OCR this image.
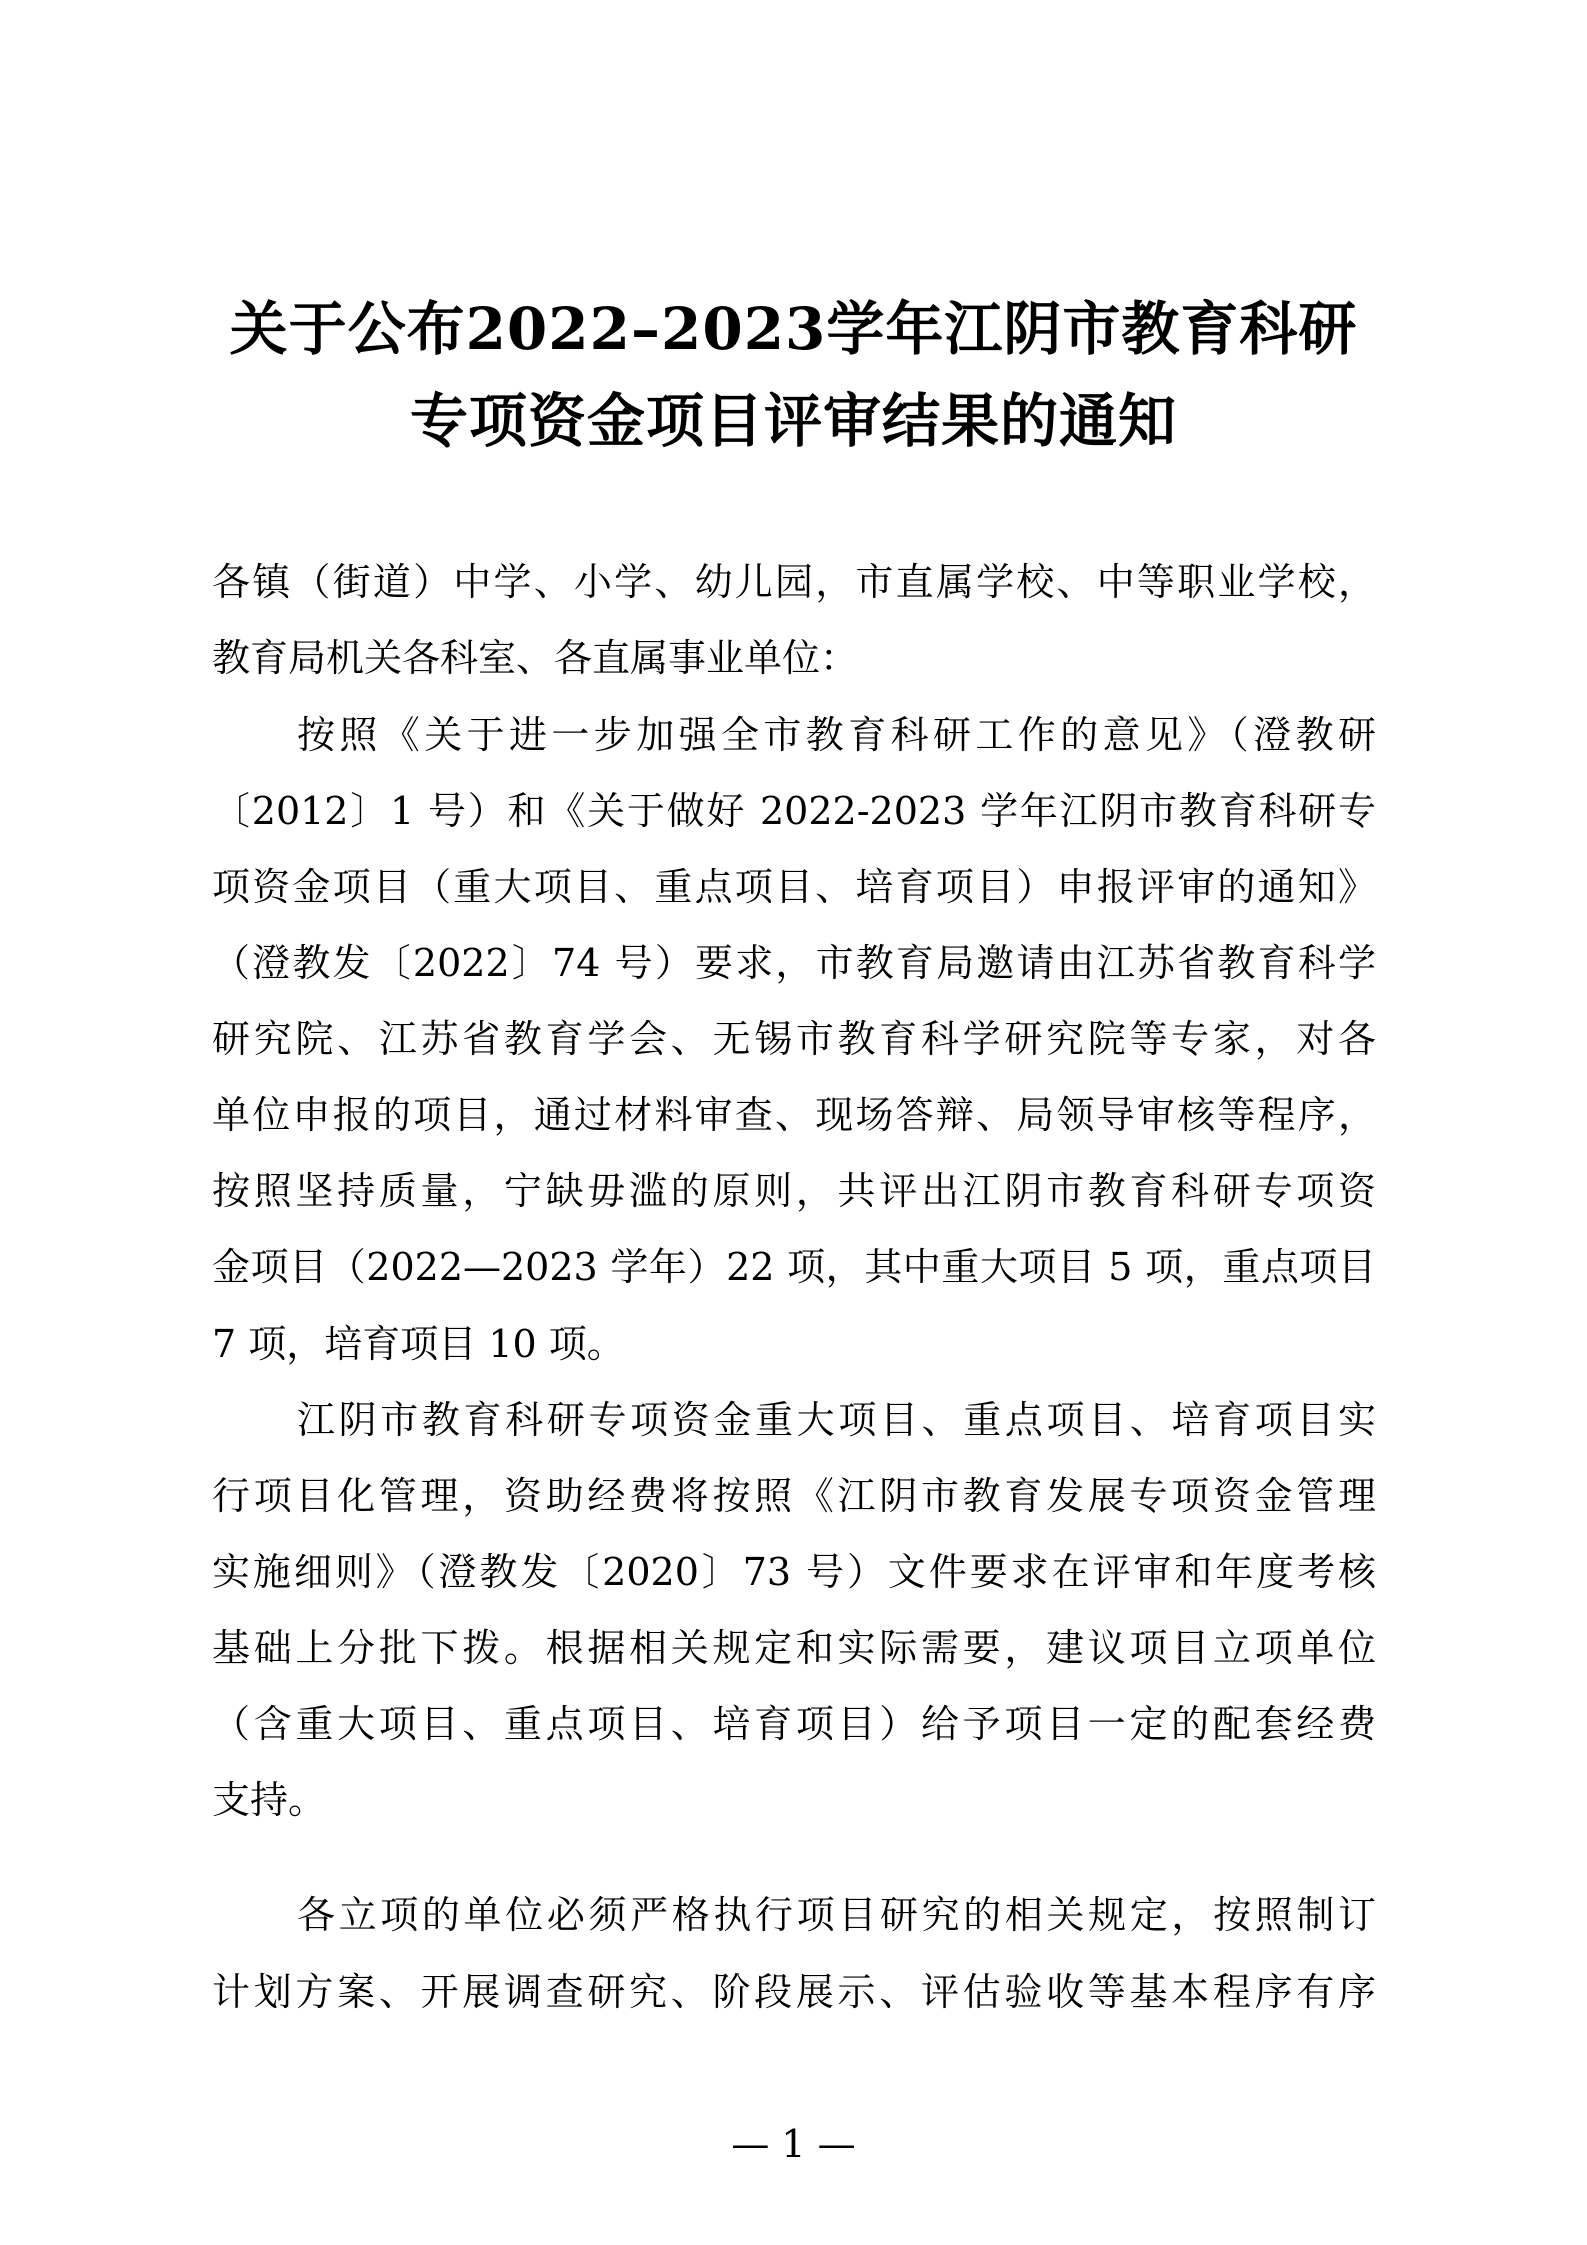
关于公布2022–2023学年江阴市教育科研
专项资金项目评审结果的通知
各镇（街道）中学、小学、幼儿园，市直属学校、中等职业学校，
教育局机关各科室、各直属事业单位：
按照《关于进一步加强全市教育科研工作的意见》（澄教研
〔2012〕1 号）和《关于做好 2022-2023 学年江阴市教育科研专
项资金项目（重大项目、重点项目、培育项目）申报评审的通知》
（澄教发〔2022〕74 号）要求，市教育局邀请由江苏省教育科学
研究院、江苏省教育学会、无锡市教育科学研究院等专家，对各
单位申报的项目，通过材料审查、现场答辩、局领导审核等程序，
按照坚持质量，宁缺毋滥的原则，共评出江阴市教育科研专项资
金项目（2022—2023 学年）22 项，其中重大项目 5 项，重点项目
7 项，培育项目 10 项。
江阴市教育科研专项资金重大项目、重点项目、培育项目实
行项目化管理，资助经费将按照《江阴市教育发展专项资金管理
实施细则》（澄教发〔2020〕73 号）文件要求在评审和年度考核
基础上分批下拨。根据相关规定和实际需要，建议项目立项单位
（含重大项目、重点项目、培育项目）给予项目一定的配套经费
支持。
各立项的单位必须严格执行项目研究的相关规定，按照制订
计划方案、开展调查研究、阶段展示、评估验收等基本程序有序
— 1 —
